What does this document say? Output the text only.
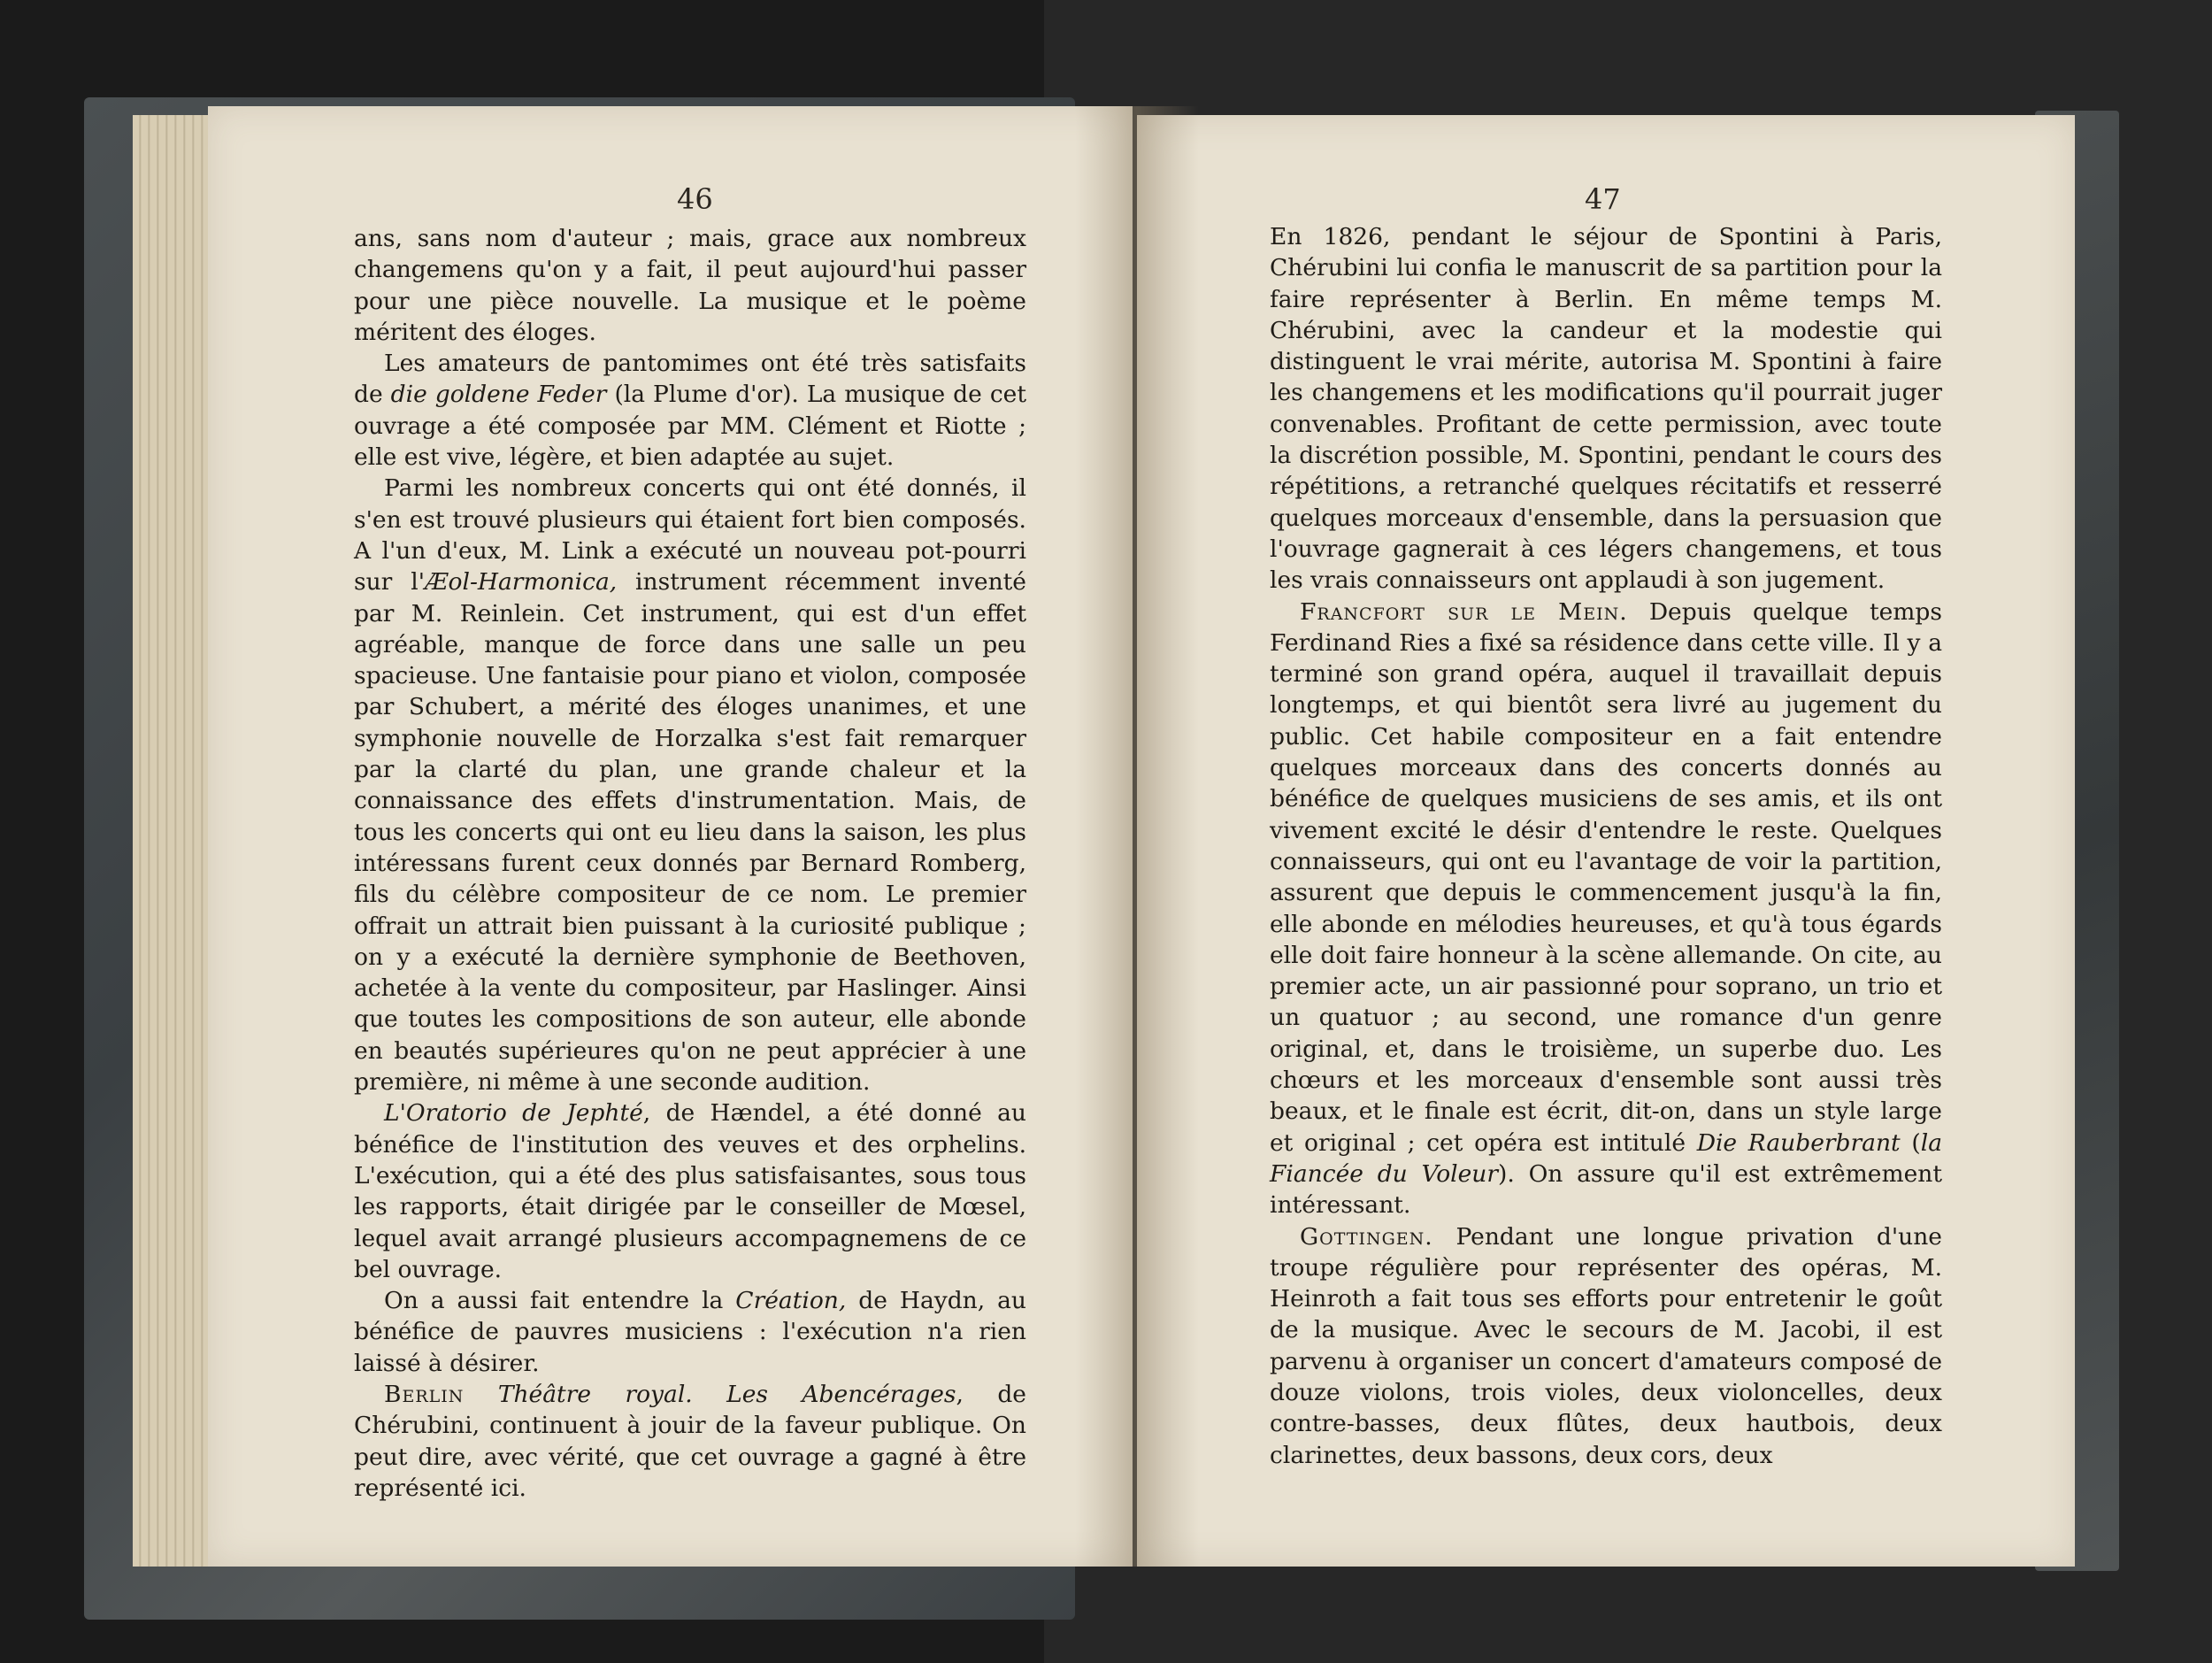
46

ans, sans nom d'auteur ; mais, grace aux nombreux changemens qu'on y a fait, il peut aujourd'hui passer pour une pièce nouvelle. La musique et le poème méritent des éloges.

Les amateurs de pantomimes ont été très satisfaits de die goldene Feder (la Plume d'or). La musique de cet ouvrage a été composée par MM. Clément et Riotte ; elle est vive, légère, et bien adaptée au sujet.

Parmi les nombreux concerts qui ont été donnés, il s'en est trouvé plusieurs qui étaient fort bien composés. A l'un d'eux, M. Link a exécuté un nouveau pot-pourri sur l'Æol-Harmonica, instrument récemment inventé par M. Reinlein. Cet instrument, qui est d'un effet agréable, manque de force dans une salle un peu spacieuse. Une fantaisie pour piano et violon, composée par Schubert, a mérité des éloges unanimes, et une symphonie nouvelle de Horzalka s'est fait remarquer par la clarté du plan, une grande chaleur et la connaissance des effets d'instrumentation. Mais, de tous les concerts qui ont eu lieu dans la saison, les plus intéressans furent ceux donnés par Bernard Romberg, fils du célèbre compositeur de ce nom. Le premier offrait un attrait bien puissant à la curiosité publique ; on y a exécuté la dernière symphonie de Beethoven, achetée à la vente du compositeur, par Haslinger. Ainsi que toutes les compositions de son auteur, elle abonde en beautés supérieures qu'on ne peut apprécier à une première, ni même à une seconde audition.

L'Oratorio de Jephté, de Hændel, a été donné au bénéfice de l'institution des veuves et des orphelins. L'exécution, qui a été des plus satisfaisantes, sous tous les rapports, était dirigée par le conseiller de Mœsel, lequel avait arrangé plusieurs accompagnemens de ce bel ouvrage.

On a aussi fait entendre la Création, de Haydn, au bénéfice de pauvres musiciens : l'exécution n'a rien laissé à désirer.

Berlin Théâtre royal. Les Abencérages, de Chérubini, continuent à jouir de la faveur publique. On peut dire, avec vérité, que cet ouvrage a gagné à être représenté ici.

47

En 1826, pendant le séjour de Spontini à Paris, Chérubini lui confia le manuscrit de sa partition pour la faire représenter à Berlin. En même temps M. Chérubini, avec la candeur et la modestie qui distinguent le vrai mérite, autorisa M. Spontini à faire les changemens et les modifications qu'il pourrait juger convenables. Profitant de cette permission, avec toute la discrétion possible, M. Spontini, pendant le cours des répétitions, a retranché quelques récitatifs et resserré quelques morceaux d'ensemble, dans la persuasion que l'ouvrage gagnerait à ces légers changemens, et tous les vrais connaisseurs ont applaudi à son jugement.

Francfort sur le Mein. Depuis quelque temps Ferdinand Ries a fixé sa résidence dans cette ville. Il y a terminé son grand opéra, auquel il travaillait depuis longtemps, et qui bientôt sera livré au jugement du public. Cet habile compositeur en a fait entendre quelques morceaux dans des concerts donnés au bénéfice de quelques musiciens de ses amis, et ils ont vivement excité le désir d'entendre le reste. Quelques connaisseurs, qui ont eu l'avantage de voir la partition, assurent que depuis le commencement jusqu'à la fin, elle abonde en mélodies heureuses, et qu'à tous égards elle doit faire honneur à la scène allemande. On cite, au premier acte, un air passionné pour soprano, un trio et un quatuor ; au second, une romance d'un genre original, et, dans le troisième, un superbe duo. Les chœurs et les morceaux d'ensemble sont aussi très beaux, et le finale est écrit, dit-on, dans un style large et original ; cet opéra est intitulé Die Rauberbrant (la Fiancée du Voleur). On assure qu'il est extrêmement intéressant.

Gottingen. Pendant une longue privation d'une troupe régulière pour représenter des opéras, M. Heinroth a fait tous ses efforts pour entretenir le goût de la musique. Avec le secours de M. Jacobi, il est parvenu à organiser un concert d'amateurs composé de douze violons, trois violes, deux violoncelles, deux contre-basses, deux flûtes, deux hautbois, deux clarinettes, deux bassons, deux cors, deux
